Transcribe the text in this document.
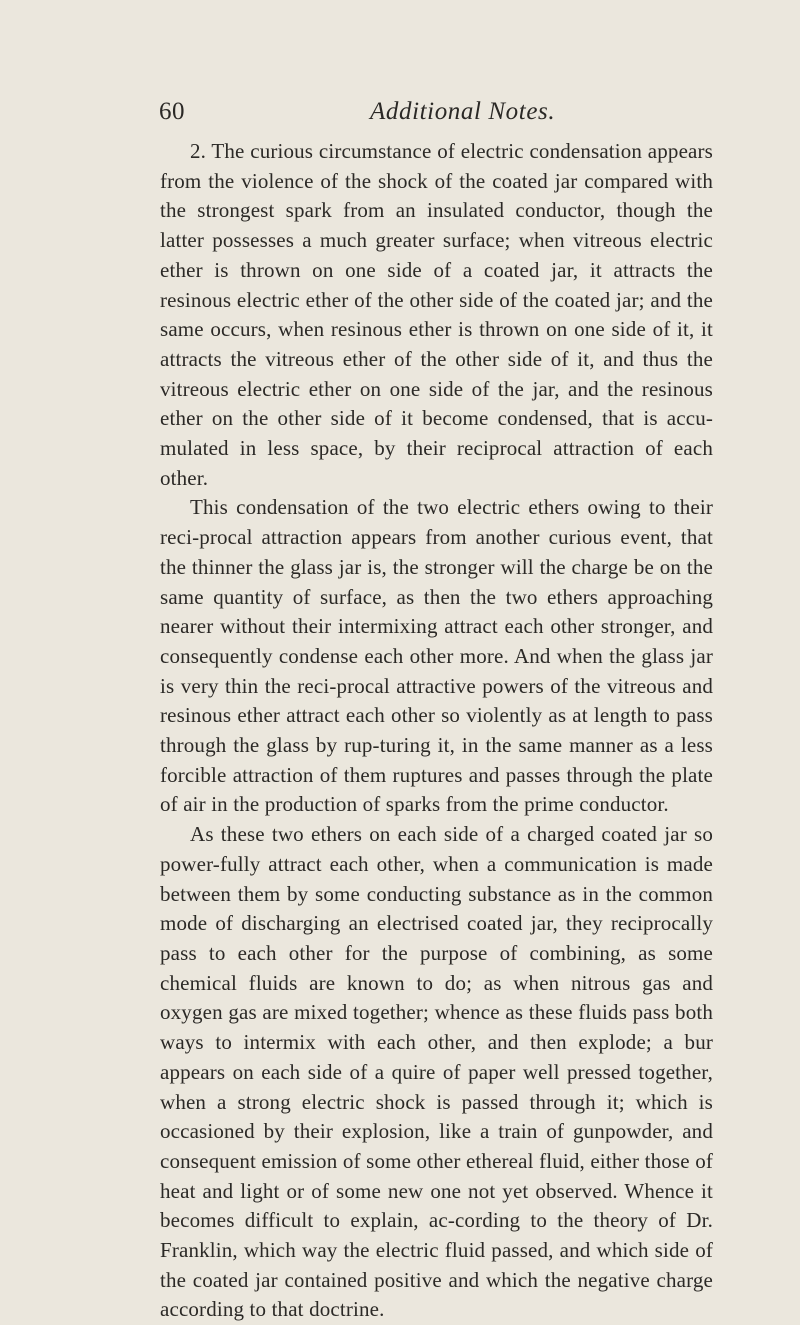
60	Additional Notes.

2. The curious circumstance of electric condensation appears from the violence of the shock of the coated jar compared with the strongest spark from an insulated conductor, though the latter possesses a much greater surface; when vitreous electric ether is thrown on one side of a coated jar, it attracts the resinous electric ether of the other side of the coated jar; and the same occurs, when resinous ether is thrown on one side of it, it attracts the vitreous ether of the other side of it, and thus the vitreous electric ether on one side of the jar, and the resinous ether on the other side of it become condensed, that is accu-mulated in less space, by their reciprocal attraction of each other.

This condensation of the two electric ethers owing to their reci-procal attraction appears from another curious event, that the thinner the glass jar is, the stronger will the charge be on the same quantity of surface, as then the two ethers approaching nearer without their intermixing attract each other stronger, and consequently condense each other more. And when the glass jar is very thin the reci-procal attractive powers of the vitreous and resinous ether attract each other so violently as at length to pass through the glass by rup-turing it, in the same manner as a less forcible attraction of them ruptures and passes through the plate of air in the production of sparks from the prime conductor.

As these two ethers on each side of a charged coated jar so power-fully attract each other, when a communication is made between them by some conducting substance as in the common mode of discharging an electrised coated jar, they reciprocally pass to each other for the purpose of combining, as some chemical fluids are known to do; as when nitrous gas and oxygen gas are mixed together; whence as these fluids pass both ways to intermix with each other, and then explode; a bur appears on each side of a quire of paper well pressed together, when a strong electric shock is passed through it; which is occasioned by their explosion, like a train of gunpowder, and consequent emission of some other ethereal fluid, either those of heat and light or of some new one not yet observed. Whence it becomes difficult to explain, ac-cording to the theory of Dr. Franklin, which way the electric fluid passed, and which side of the coated jar contained positive and which the negative charge according to that doctrine.
